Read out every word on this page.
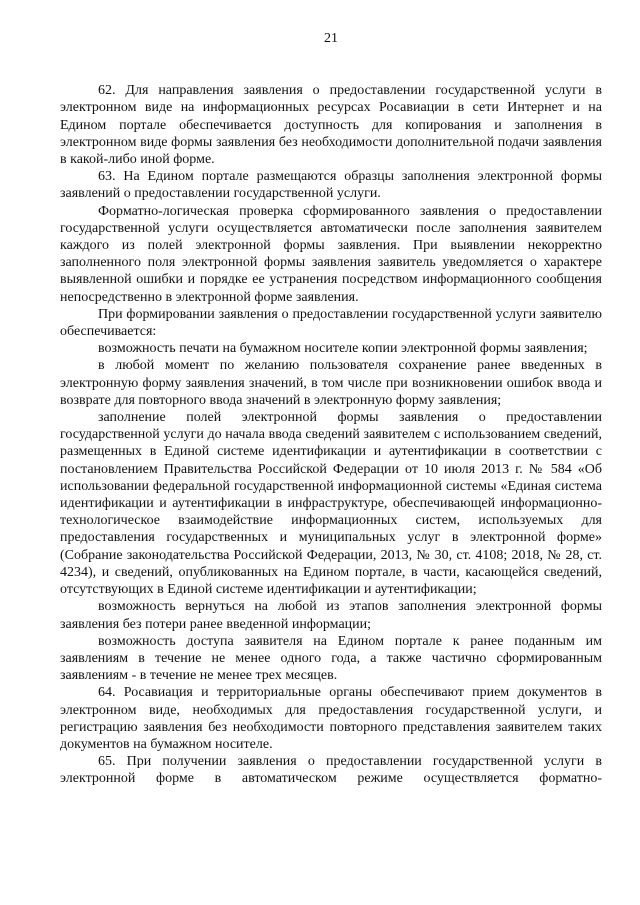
21

62. Для направления заявления о предоставлении государственной услуги в электронном виде на информационных ресурсах Росавиации в сети Интернет и на Едином портале обеспечивается доступность для копирования и заполнения в электронном виде формы заявления без необходимости дополнительной подачи заявления в какой-либо иной форме.

63. На Едином портале размещаются образцы заполнения электронной формы заявлений о предоставлении государственной услуги.

Форматно-логическая проверка сформированного заявления о предоставлении государственной услуги осуществляется автоматически после заполнения заявителем каждого из полей электронной формы заявления. При выявлении некорректно заполненного поля электронной формы заявления заявитель уведомляется о характере выявленной ошибки и порядке ее устранения посредством информационного сообщения непосредственно в электронной форме заявления.

При формировании заявления о предоставлении государственной услуги заявителю обеспечивается:

возможность печати на бумажном носителе копии электронной формы заявления;

в любой момент по желанию пользователя сохранение ранее введенных в электронную форму заявления значений, в том числе при возникновении ошибок ввода и возврате для повторного ввода значений в электронную форму заявления;

заполнение полей электронной формы заявления о предоставлении государственной услуги до начала ввода сведений заявителем с использованием сведений, размещенных в Единой системе идентификации и аутентификации в соответствии с постановлением Правительства Российской Федерации от 10 июля 2013 г. № 584 «Об использовании федеральной государственной информационной системы «Единая система идентификации и аутентификации в инфраструктуре, обеспечивающей информационно-технологическое взаимодействие информационных систем, используемых для предоставления государственных и муниципальных услуг в электронной форме» (Собрание законодательства Российской Федерации, 2013, № 30, ст. 4108; 2018, № 28, ст. 4234), и сведений, опубликованных на Едином портале, в части, касающейся сведений, отсутствующих в Единой системе идентификации и аутентификации;

возможность вернуться на любой из этапов заполнения электронной формы заявления без потери ранее введенной информации;

возможность доступа заявителя на Едином портале к ранее поданным им заявлениям в течение не менее одного года, а также частично сформированным заявлениям - в течение не менее трех месяцев.

64. Росавиация и территориальные органы обеспечивают прием документов в электронном виде, необходимых для предоставления государственной услуги, и регистрацию заявления без необходимости повторного представления заявителем таких документов на бумажном носителе.

65. При получении заявления о предоставлении государственной услуги в электронной форме в автоматическом режиме осуществляется форматно-
